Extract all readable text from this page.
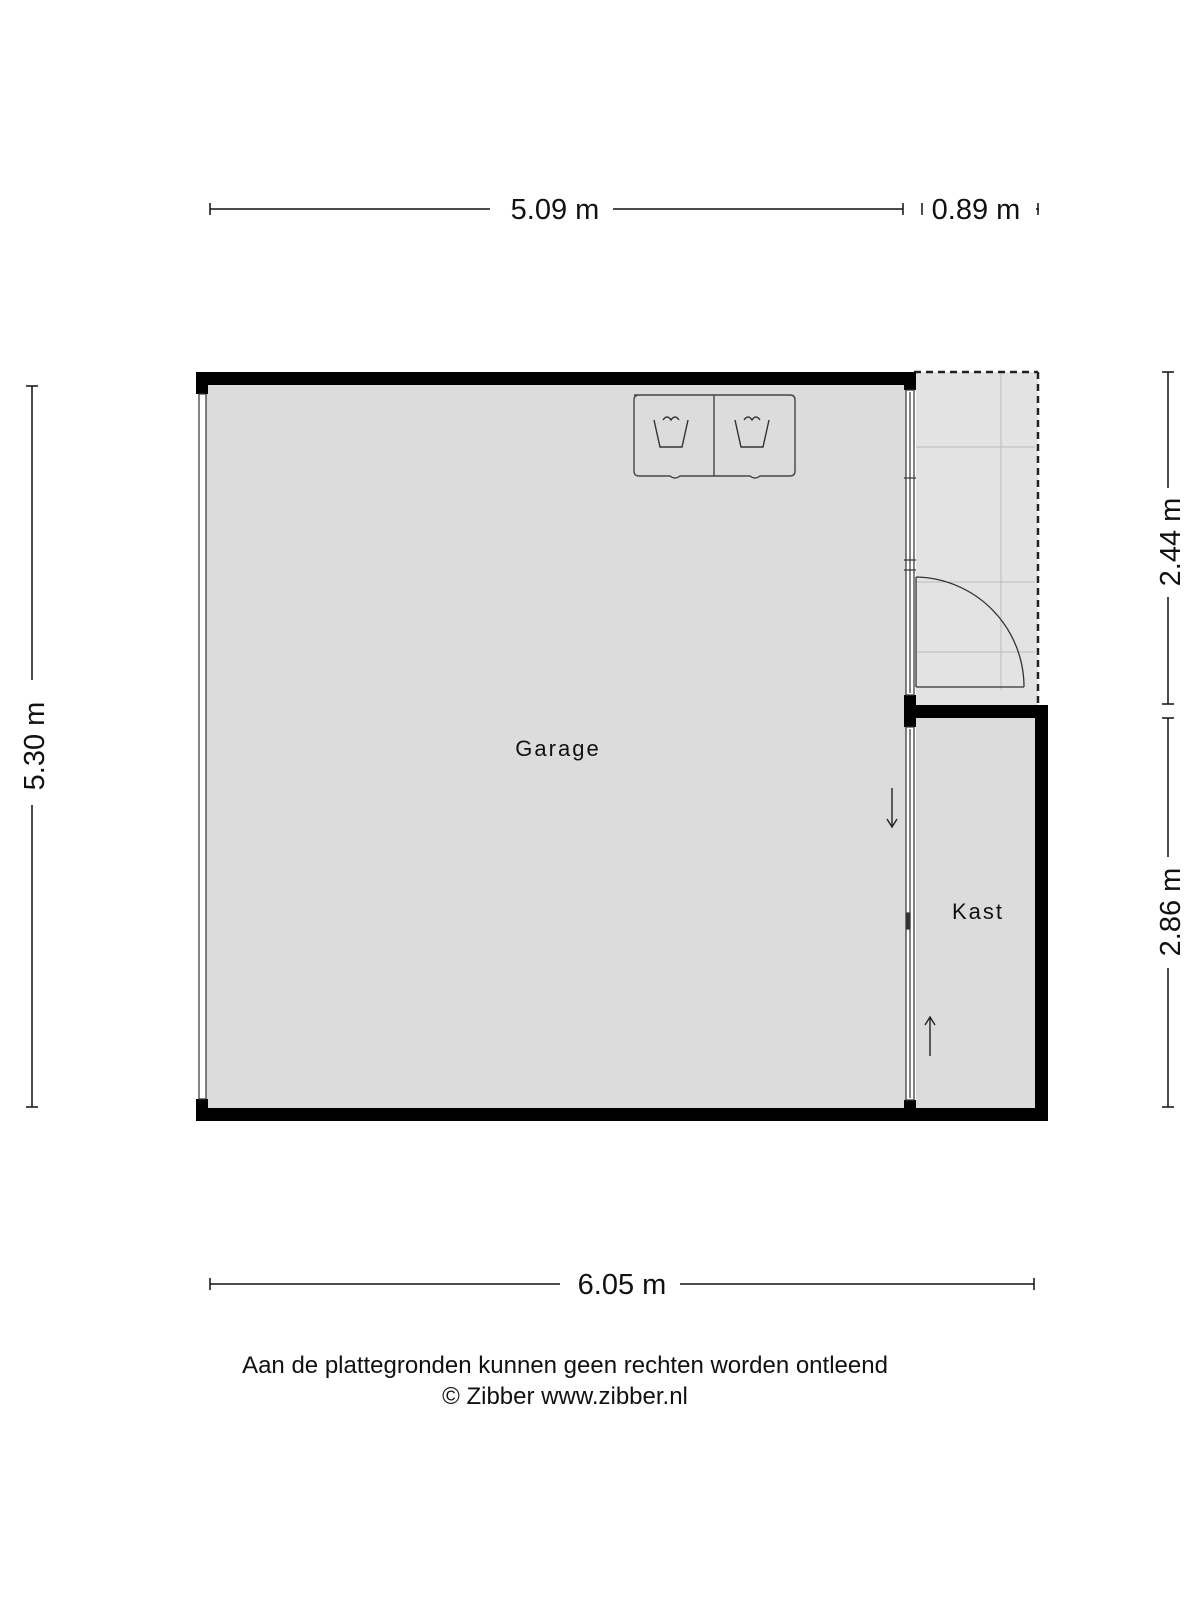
5.09 m	0.89 m
5.30 m
2.44 m
2.86 m
6.05 m
Garage
Kast
Aan de plattegronden kunnen geen rechten worden ontleend
© Zibber www.zibber.nl
